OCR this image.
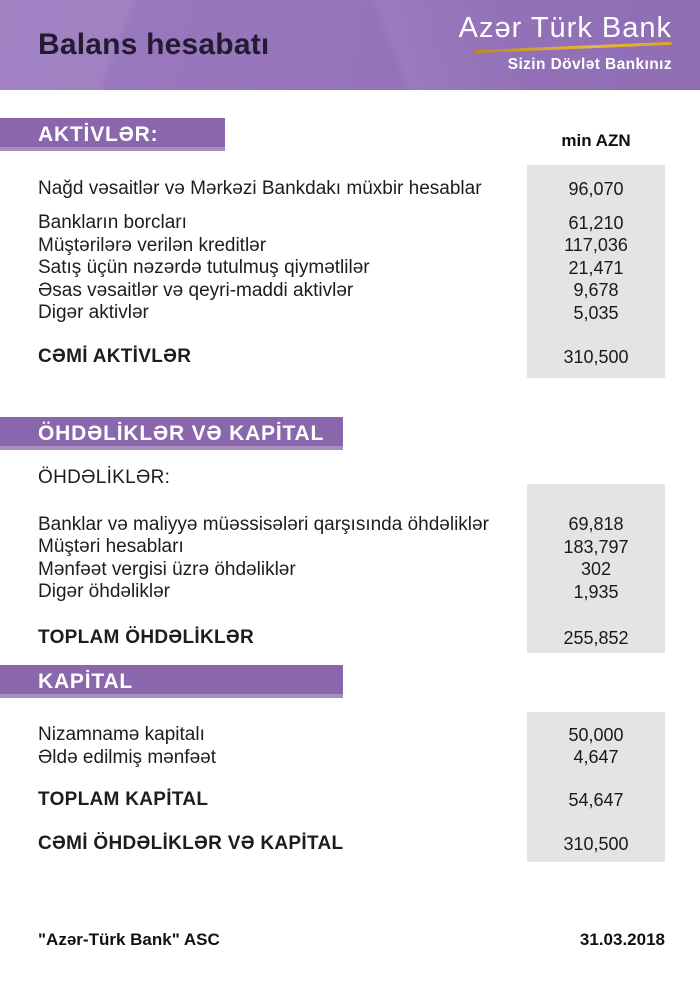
Balans hesabatı	Azər Türk Bank
Sizin Dövlət Bankınız
min AZN
AKTİVLƏR:
ÖHDƏLİKLƏR VƏ KAPİTAL
KAPİTAL
Nağd vəsaitlər və Mərkəzi Bankdakı müxbir hesablar	96,070
Bankların borcları	61,210
Müştərilərə verilən kreditlər	117,036
Satış üçün nəzərdə tutulmuş qiymətlilər	21,471
Əsas vəsaitlər və qeyri-maddi aktivlər	9,678
Digər aktivlər	5,035
CƏMİ AKTİVLƏR	310,500
ÖHDƏLİKLƏR:
Banklar və maliyyə müəssisələri qarşısında öhdəliklər	69,818
Müştəri hesabları	183,797
Mənfəət vergisi üzrə öhdəliklər	302
Digər öhdəliklər	1,935
TOPLAM ÖHDƏLİKLƏR	255,852
Nizamnamə kapitalı	50,000
Əldə edilmiş mənfəət	4,647
TOPLAM KAPİTAL	54,647
CƏMİ ÖHDƏLİKLƏR VƏ KAPİTAL	310,500
"Azər-Türk Bank" ASC	31.03.2018
